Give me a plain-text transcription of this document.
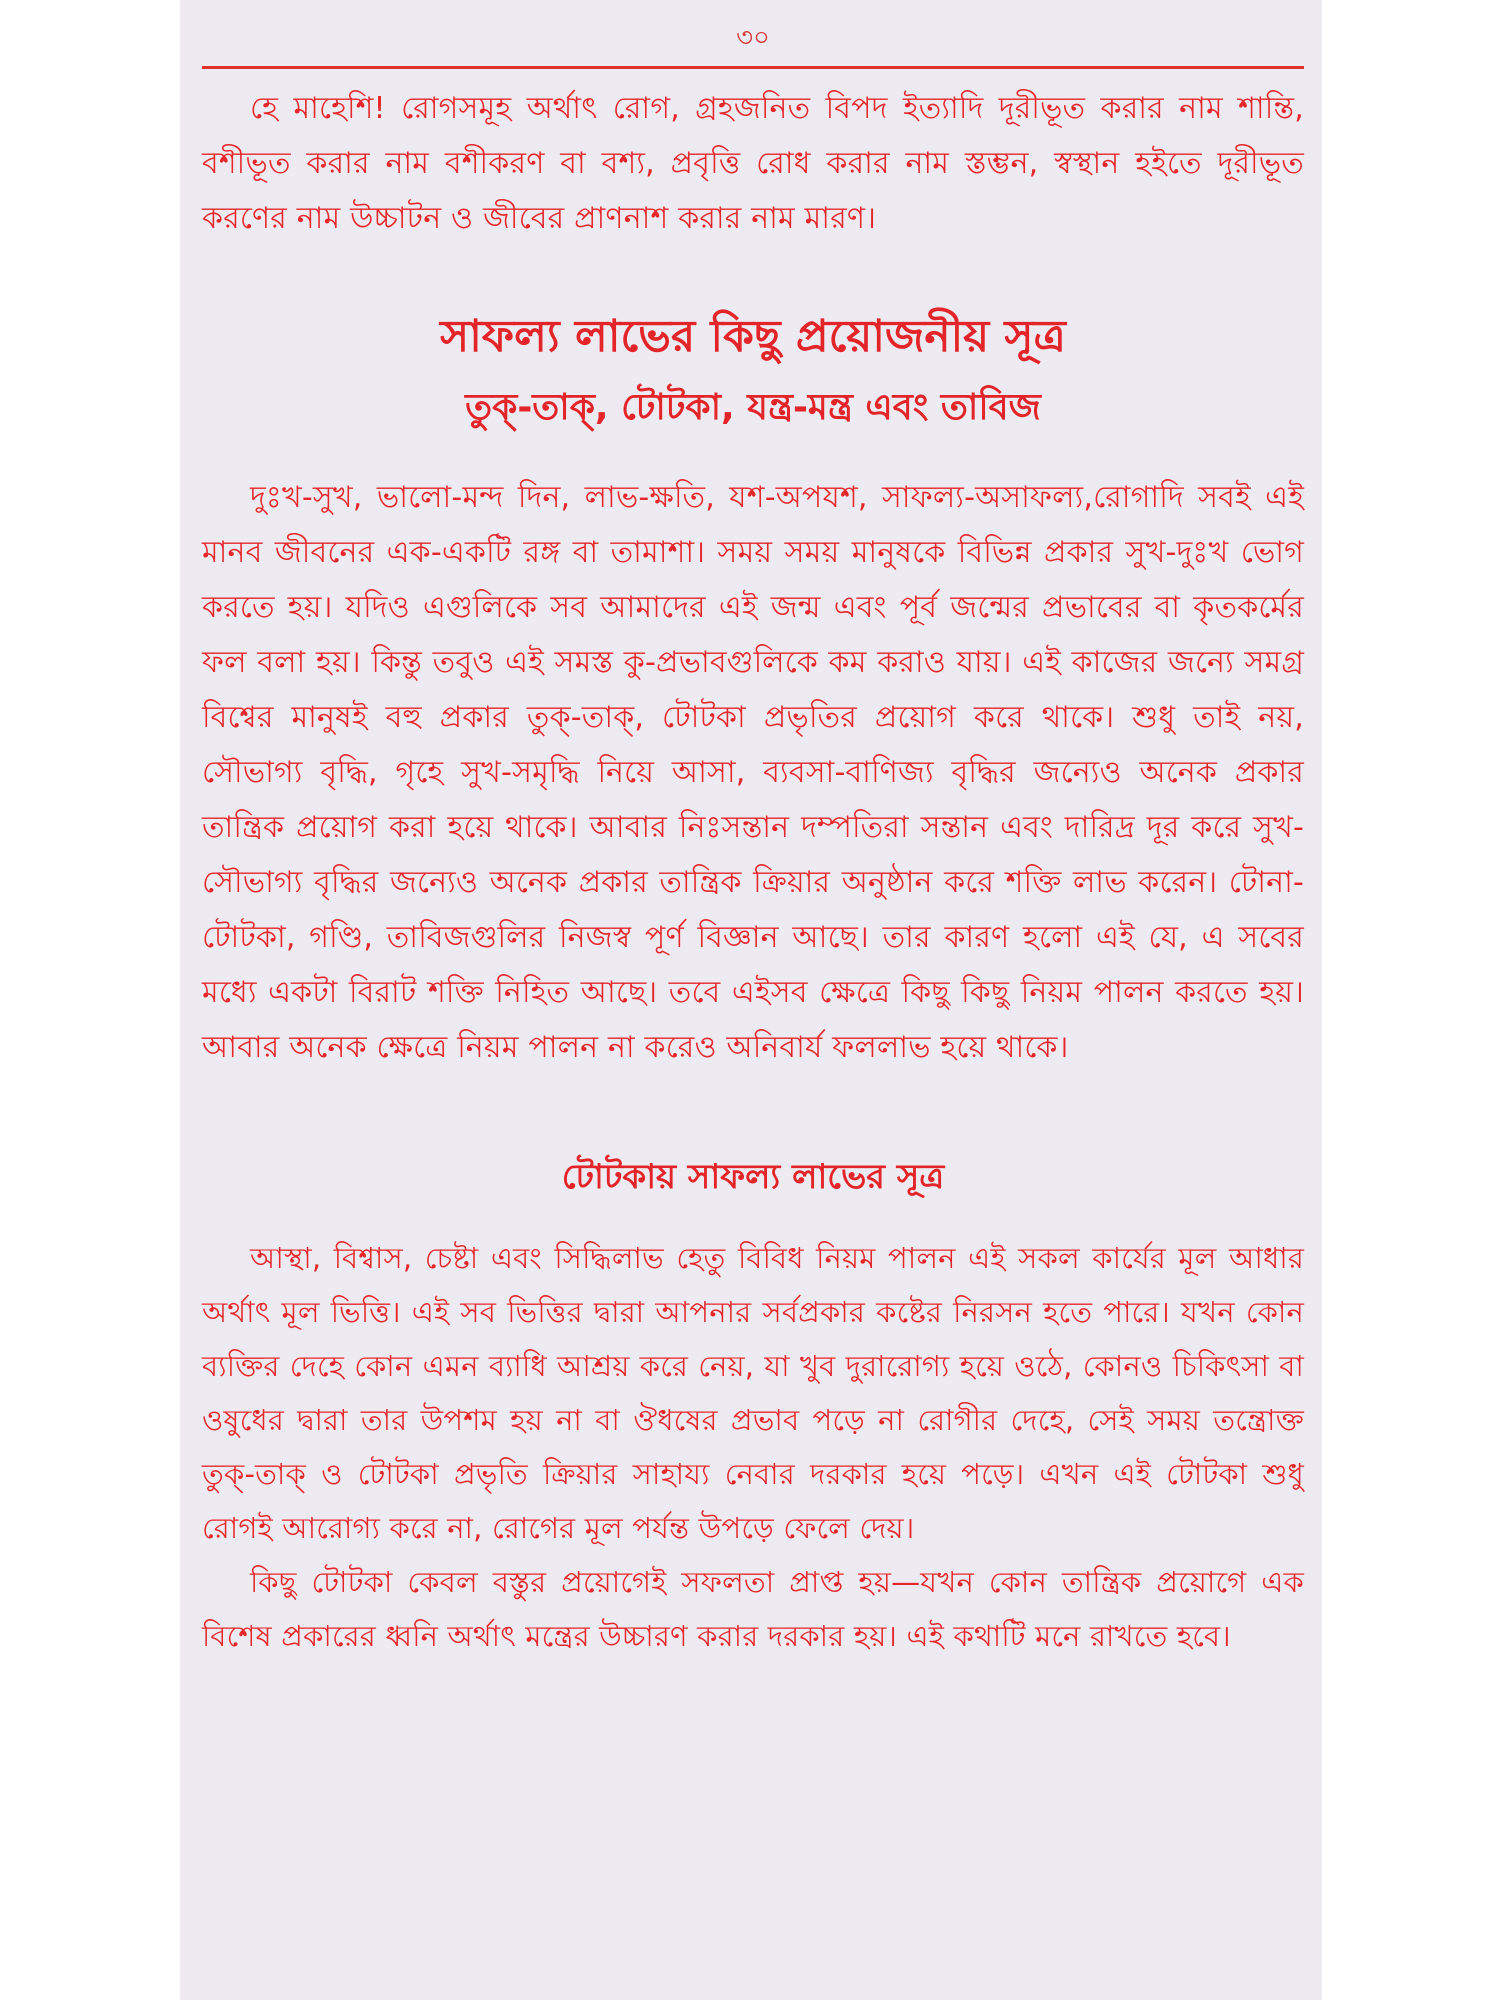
৩০

হে মাহেশি! রোগসমূহ অর্থাৎ রোগ, গ্রহজনিত বিপদ ইত্যাদি দূরীভূত করার নাম শান্তি, বশীভূত করার নাম বশীকরণ বা বশ্য, প্রবৃত্তি রোধ করার নাম স্তম্ভন, স্বস্থান হইতে দূরীভূত করণের নাম উচ্চাটন ও জীবের প্রাণনাশ করার নাম মারণ।

সাফল্য লাভের কিছু প্রয়োজনীয় সূত্র
তুক্-তাক্, টোটকা, যন্ত্র-মন্ত্র এবং তাবিজ

দুঃখ-সুখ, ভালো-মন্দ দিন, লাভ-ক্ষতি, যশ-অপযশ, সাফল্য-অসাফল্য,রোগাদি সবই এই মানব জীবনের এক-একটি রঙ্গ বা তামাশা। সময় সময় মানুষকে বিভিন্ন প্রকার সুখ-দুঃখ ভোগ করতে হয়। যদিও এগুলিকে সব আমাদের এই জন্ম এবং পূর্ব জন্মের প্রভাবের বা কৃতকর্মের ফল বলা হয়। কিন্তু তবুও এই সমস্ত কু-প্রভাবগুলিকে কম করাও যায়। এই কাজের জন্যে সমগ্র বিশ্বের মানুষই বহু প্রকার তুক্-তাক্, টোটকা প্রভৃতির প্রয়োগ করে থাকে। শুধু তাই নয়, সৌভাগ্য বৃদ্ধি, গৃহে সুখ-সমৃদ্ধি নিয়ে আসা, ব্যবসা-বাণিজ্য বৃদ্ধির জন্যেও অনেক প্রকার তান্ত্রিক প্রয়োগ করা হয়ে থাকে। আবার নিঃসন্তান দম্পতিরা সন্তান এবং দারিদ্র দূর করে সুখ-সৌভাগ্য বৃদ্ধির জন্যেও অনেক প্রকার তান্ত্রিক ক্রিয়ার অনুষ্ঠান করে শক্তি লাভ করেন। টোনা-টোটকা, গণ্ডি, তাবিজগুলির নিজস্ব পূর্ণ বিজ্ঞান আছে। তার কারণ হলো এই যে, এ সবের মধ্যে একটা বিরাট শক্তি নিহিত আছে। তবে এইসব ক্ষেত্রে কিছু কিছু নিয়ম পালন করতে হয়। আবার অনেক ক্ষেত্রে নিয়ম পালন না করেও অনিবার্য ফললাভ হয়ে থাকে।

টোটকায় সাফল্য লাভের সূত্র

আস্থা, বিশ্বাস, চেষ্টা এবং সিদ্ধিলাভ হেতু বিবিধ নিয়ম পালন এই সকল কার্যের মূল আধার অর্থাৎ মূল ভিত্তি। এই সব ভিত্তির দ্বারা আপনার সর্বপ্রকার কষ্টের নিরসন হতে পারে। যখন কোন ব্যক্তির দেহে কোন এমন ব্যাধি আশ্রয় করে নেয়, যা খুব দুরারোগ্য হয়ে ওঠে, কোনও চিকিৎসা বা ওষুধের দ্বারা তার উপশম হয় না বা ঔধষের প্রভাব পড়ে না রোগীর দেহে, সেই সময় তন্ত্রোক্ত তুক্-তাক্ ও টোটকা প্রভৃতি ক্রিয়ার সাহায্য নেবার দরকার হয়ে পড়ে। এখন এই টোটকা শুধু রোগই আরোগ্য করে না, রোগের মূল পর্যন্ত উপড়ে ফেলে দেয়।

কিছু টোটকা কেবল বস্তুর প্রয়োগেই সফলতা প্রাপ্ত হয়—যখন কোন তান্ত্রিক প্রয়োগে এক বিশেষ প্রকারের ধ্বনি অর্থাৎ মন্ত্রের উচ্চারণ করার দরকার হয়। এই কথাটি মনে রাখতে হবে।
